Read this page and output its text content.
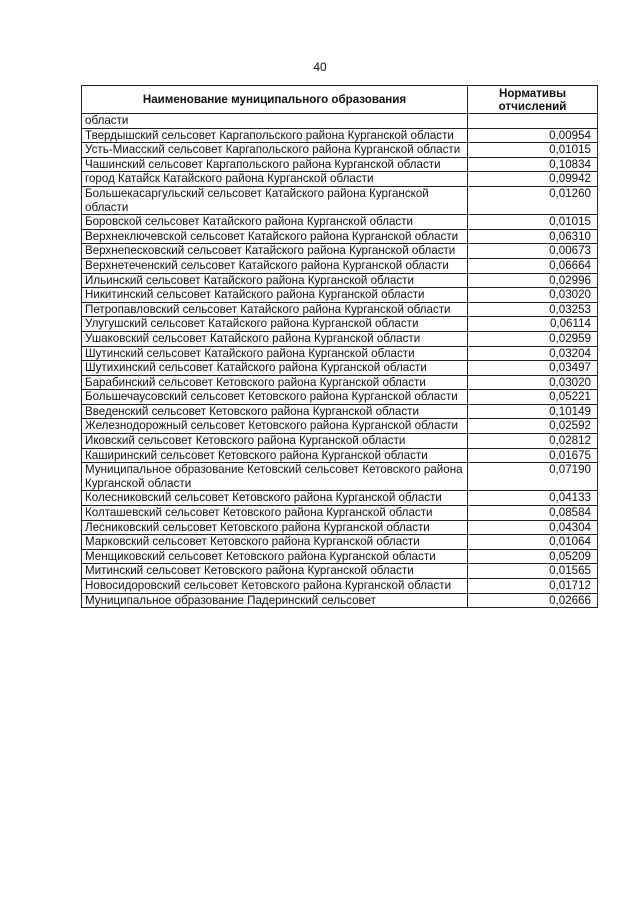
40
Наименование муниципального образования	Нормативы отчислений
области	
Твердышский сельсовет Каргапольского района Курганской области	0,00954
Усть-Миасский сельсовет Каргапольского района Курганской области	0,01015
Чашинский сельсовет Каргапольского района Курганской области	0,10834
город Катайск Катайского района Курганской области	0,09942
Большекасаргульский сельсовет Катайского района Курганской области	0,01260
Боровской сельсовет Катайского района Курганской области	0,01015
Верхнеключевской сельсовет Катайского района Курганской области	0,06310
Верхнепесковский сельсовет Катайского района Курганской области	0,00673
Верхнетеченский сельсовет Катайского района Курганской области	0,06664
Ильинский сельсовет Катайского района Курганской области	0,02996
Никитинский сельсовет Катайского района Курганской области	0,03020
Петропавловский сельсовет Катайского района Курганской области	0,03253
Улугушский сельсовет Катайского района Курганской области	0,06114
Ушаковский сельсовет Катайского района Курганской области	0,02959
Шутинский сельсовет Катайского района Курганской области	0,03204
Шутихинский сельсовет Катайского района Курганской области	0,03497
Барабинский сельсовет Кетовского района Курганской области	0,03020
Большечаусовский сельсовет Кетовского района Курганской области	0,05221
Введенский сельсовет Кетовского района Курганской области	0,10149
Железнодорожный сельсовет Кетовского района Курганской области	0,02592
Иковский сельсовет Кетовского района Курганской области	0,02812
Каширинский сельсовет Кетовского района Курганской области	0,01675
Муниципальное образование Кетовский сельсовет Кетовского района Курганской области	0,07190
Колесниковский сельсовет Кетовского района Курганской области	0,04133
Колташевский сельсовет Кетовского района Курганской области	0,08584
Лесниковский сельсовет Кетовского района Курганской области	0,04304
Марковский сельсовет Кетовского района Курганской области	0,01064
Менщиковский сельсовет Кетовского района Курганской области	0,05209
Митинский сельсовет Кетовского района Курганской области	0,01565
Новосидоровский сельсовет Кетовского района Курганской области	0,01712
Муниципальное образование Падеринский сельсовет	0,02666
